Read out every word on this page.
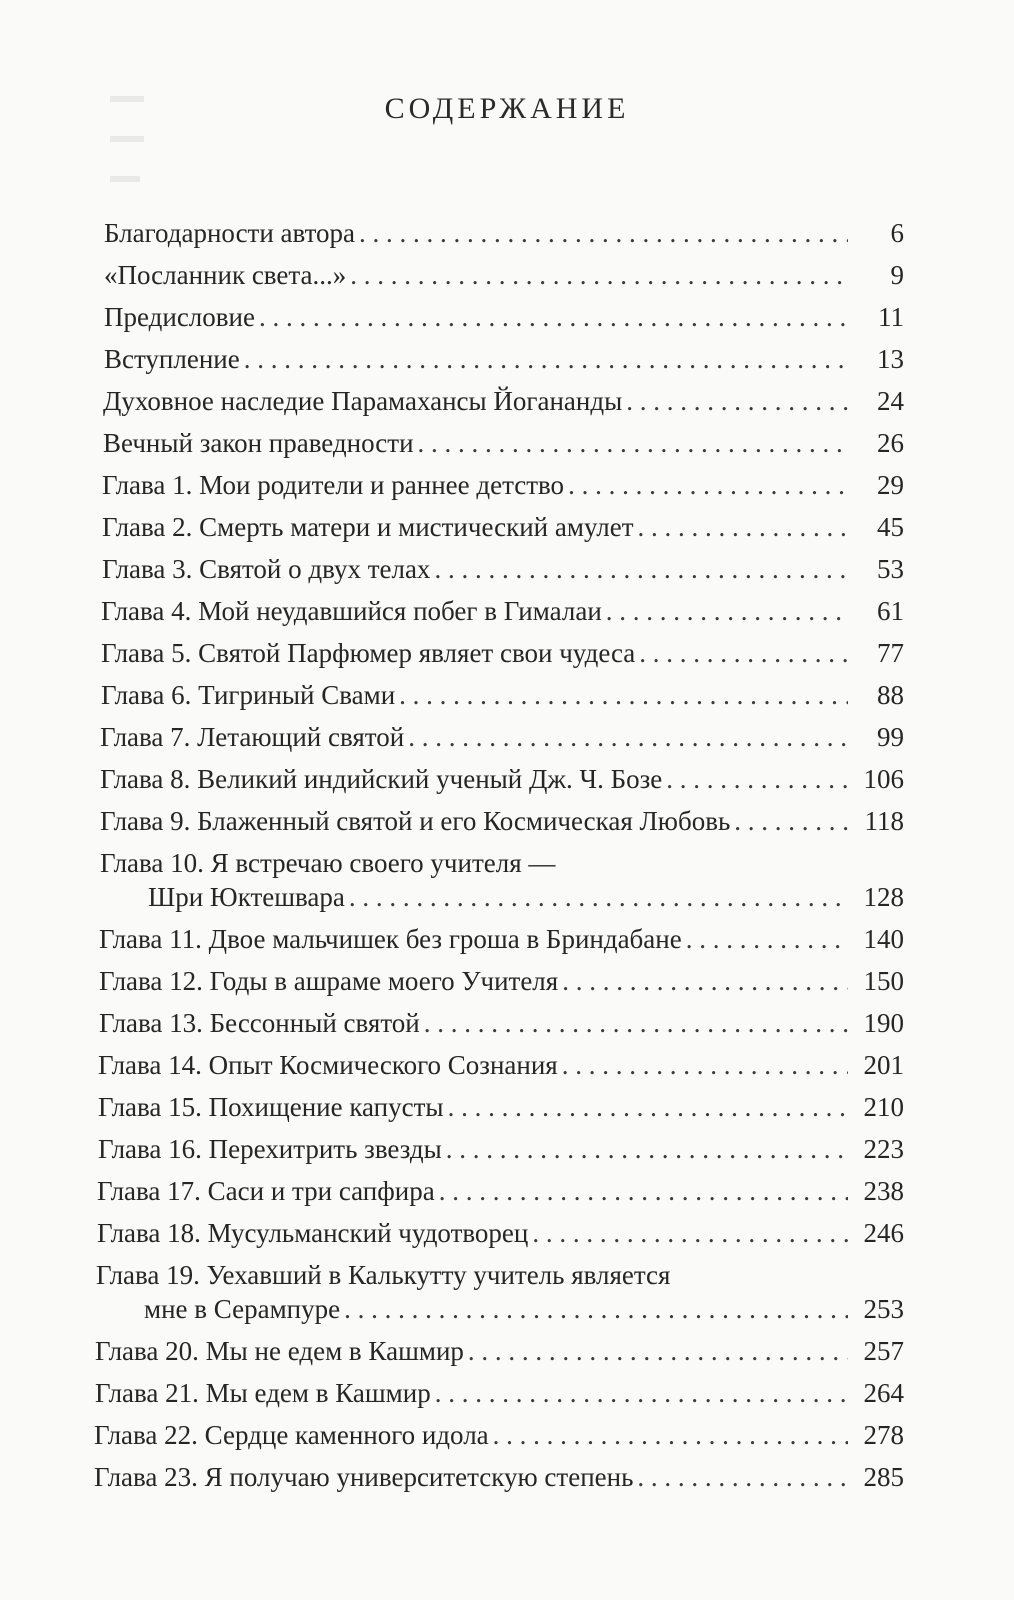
СОДЕРЖАНИЕ
Благодарности автора . . .	6
«Посланник света...» . . .	9
Предисловие . . .	11
Вступление . . .	13
Духовное наследие Парамахансы Йогананды . . .	24
Вечный закон праведности . . .	26
Глава 1. Мои родители и раннее детство . . .	29
Глава 2. Смерть матери и мистический амулет . . .	45
Глава 3. Святой о двух телах . . .	53
Глава 4. Мой неудавшийся побег в Гималаи . . .	61
Глава 5. Святой Парфюмер являет свои чудеса . . .	77
Глава 6. Тигриный Свами . . .	88
Глава 7. Летающий святой . . .	99
Глава 8. Великий индийский ученый Дж. Ч. Бозе . . .	106
Глава 9. Блаженный святой и его Космическая Любовь . . .	118
Глава 10. Я встречаю своего учителя —
Шри Юктешвара . . .	128
Глава 11. Двое мальчишек без гроша в Бриндабане . . .	140
Глава 12. Годы в ашраме моего Учителя . . .	150
Глава 13. Бессонный святой . . .	190
Глава 14. Опыт Космического Сознания . . .	201
Глава 15. Похищение капусты . . .	210
Глава 16. Перехитрить звезды . . .	223
Глава 17. Саси и три сапфира . . .	238
Глава 18. Мусульманский чудотворец . . .	246
Глава 19. Уехавший в Калькутту учитель является
мне в Серампуре . . .	253
Глава 20. Мы не едем в Кашмир . . .	257
Глава 21. Мы едем в Кашмир . . .	264
Глава 22. Сердце каменного идола . . .	278
Глава 23. Я получаю университетскую степень . . .	285
